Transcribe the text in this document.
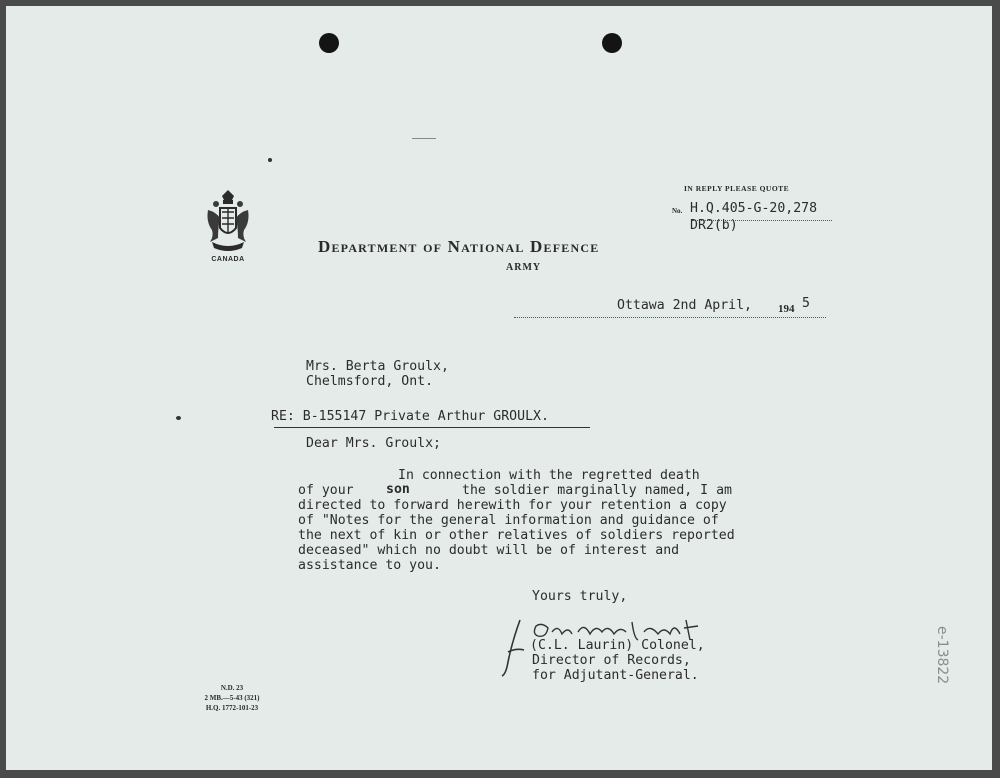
CANADA
Department of National Defence
ARMY
IN REPLY PLEASE QUOTE
No. H.Q.405-G-20,278
DR2(b)
Ottawa 2nd April, 194 5
Mrs. Berta Groulx,
Chelmsford, Ont.
RE: B-155147 Private Arthur GROULX.
Dear Mrs. Groulx;
In connection with the regretted death
of your son	the soldier marginally named, I am
directed to forward herewith for your retention a copy
of "Notes for the general information and guidance of
the next of kin or other relatives of soldiers reported
deceased" which no doubt will be of interest and
assistance to you.
Yours truly,
(C.L. Laurin) Colonel,
Director of Records,
for Adjutant-General.
N.D. 23
2 MB.—5-43 (321)
H.Q. 1772-101-23
e-13822
